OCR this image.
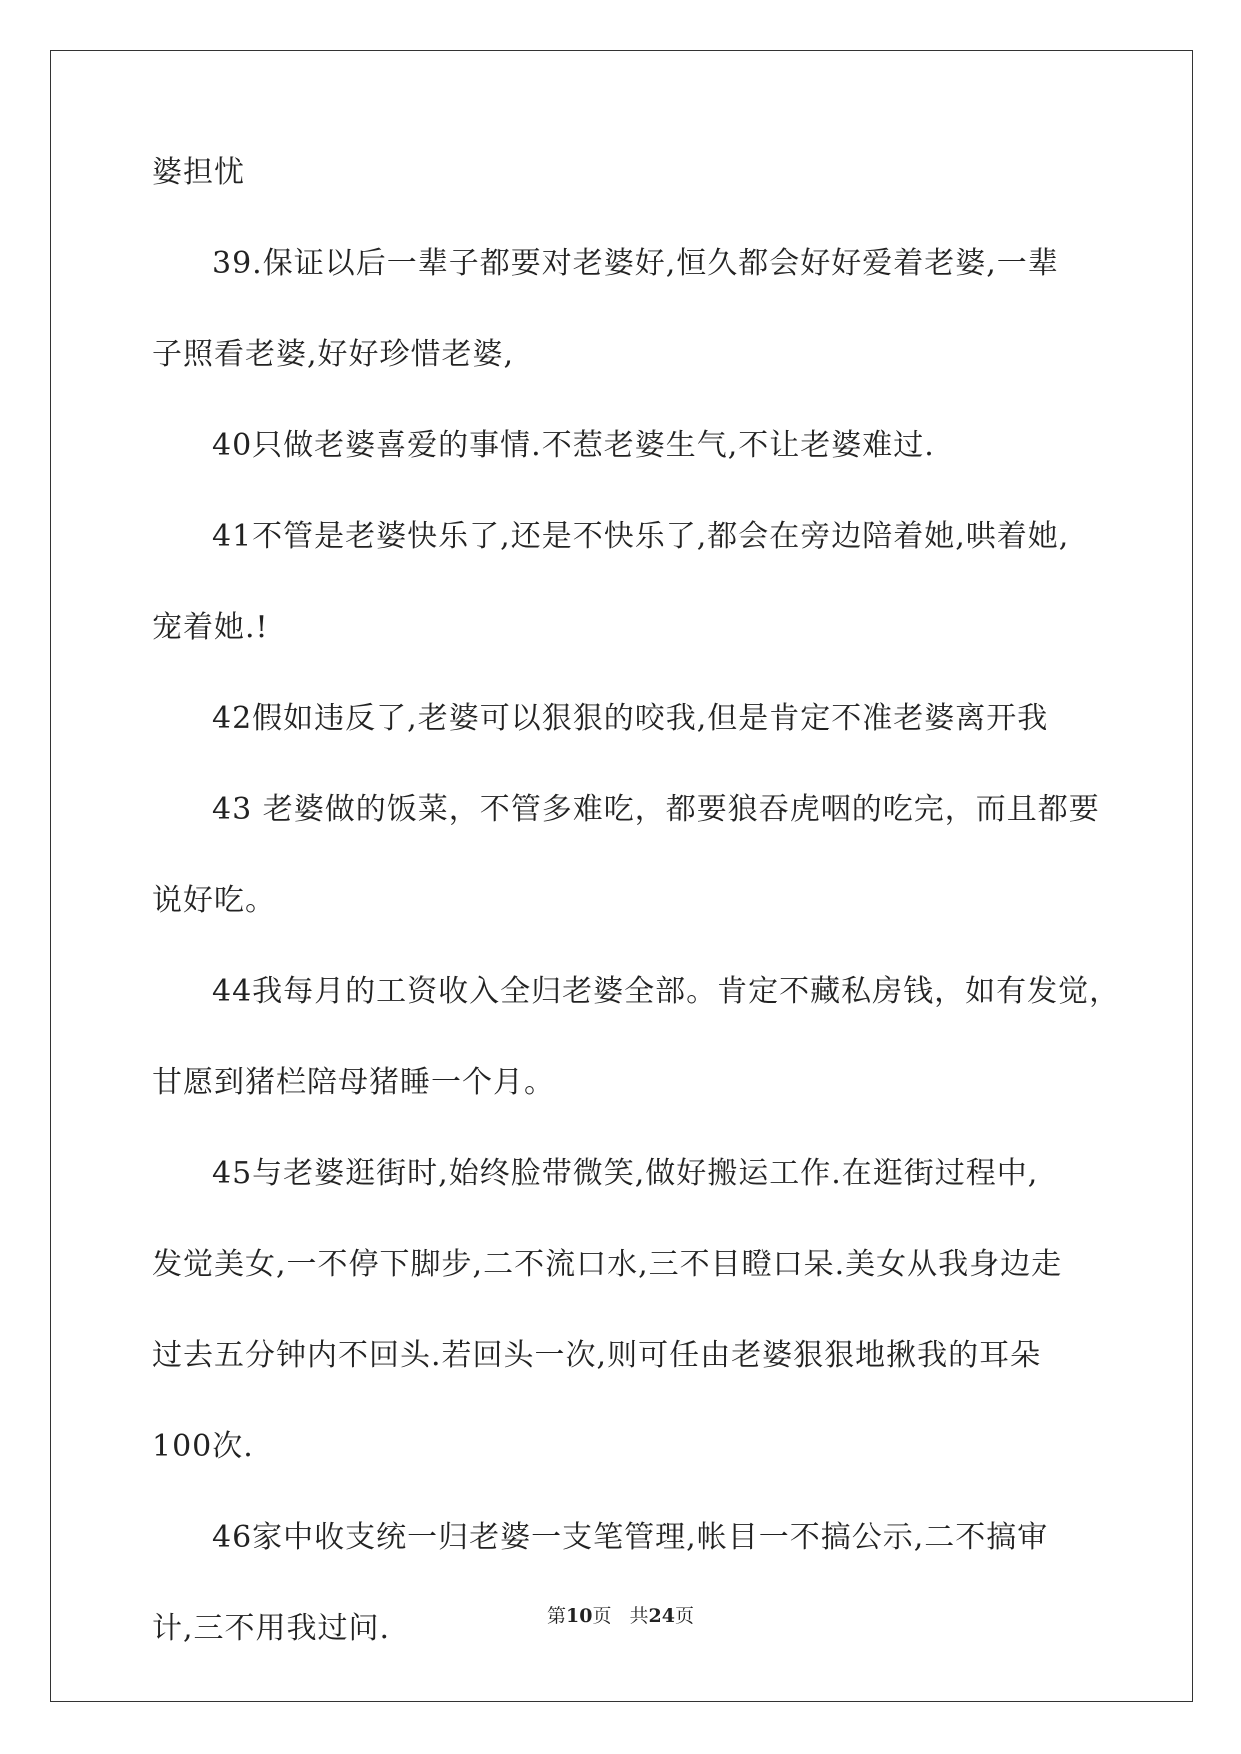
婆担忧
39.保证以后一辈子都要对老婆好,恒久都会好好爱着老婆,一辈
子照看老婆,好好珍惜老婆,
40只做老婆喜爱的事情.不惹老婆生气,不让老婆难过.
41不管是老婆快乐了,还是不快乐了,都会在旁边陪着她,哄着她,
宠着她.!
42假如违反了,老婆可以狠狠的咬我,但是肯定不准老婆离开我
43 老婆做的饭菜，不管多难吃，都要狼吞虎咽的吃完，而且都要
说好吃。
44我每月的工资收入全归老婆全部。肯定不藏私房钱，如有发觉，
甘愿到猪栏陪母猪睡一个月。
45与老婆逛街时,始终脸带微笑,做好搬运工作.在逛街过程中,
发觉美女,一不停下脚步,二不流口水,三不目瞪口呆.美女从我身边走
过去五分钟内不回头.若回头一次,则可任由老婆狠狠地揪我的耳朵
100次.
46家中收支统一归老婆一支笔管理,帐目一不搞公示,二不搞审
计,三不用我过问.	第10页 共24页
